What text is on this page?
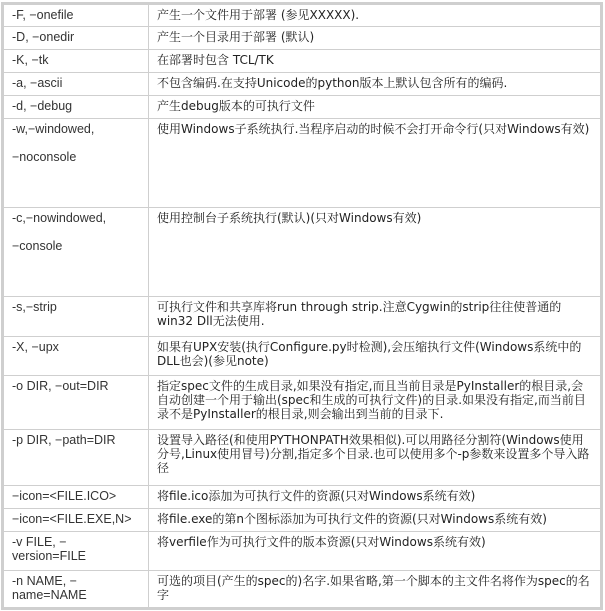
-F, −onefile	产生一个文件用于部署 (参见XXXXX).

-D, −onedir	产生一个目录用于部署 (默认)

-K, −tk	在部署时包含 TCL/TK

-a, −ascii	不包含编码.在支持Unicode的python版本上默认包含所有的编码.

-d, −debug	产生debug版本的可执行文件

-w,−windowed,
−noconsole	使用Windows子系统执行.当程序启动的时候不会打开命令行(只对Windows有效)

-c,−nowindowed,
−console	使用控制台子系统执行(默认)(只对Windows有效)

-s,−strip	可执行文件和共享库将run through strip.注意Cygwin的strip往往使普通的win32 Dll无法使用.

-X, −upx	如果有UPX安装(执行Configure.py时检测),会压缩执行文件(Windows系统中的DLL也会)(参见note)

-o DIR, −out=DIR	指定spec文件的生成目录,如果没有指定,而且当前目录是PyInstaller的根目录,会自动创建一个用于输出(spec和生成的可执行文件)的目录.如果没有指定,而当前目录不是PyInstaller的根目录,则会输出到当前的目录下.

-p DIR, −path=DIR	设置导入路径(和使用PYTHONPATH效果相似).可以用路径分割符(Windows使用分号,Linux使用冒号)分割,指定多个目录.也可以使用多个-p参数来设置多个导入路径

−icon=<FILE.ICO>	将file.ico添加为可执行文件的资源(只对Windows系统有效)

−icon=<FILE.EXE,N>	将file.exe的第n个图标添加为可执行文件的资源(只对Windows系统有效)

-v FILE, −
version=FILE	将verfile作为可执行文件的版本资源(只对Windows系统有效)

-n NAME, −
name=NAME	可选的项目(产生的spec的)名字.如果省略,第一个脚本的主文件名将作为spec的名字
